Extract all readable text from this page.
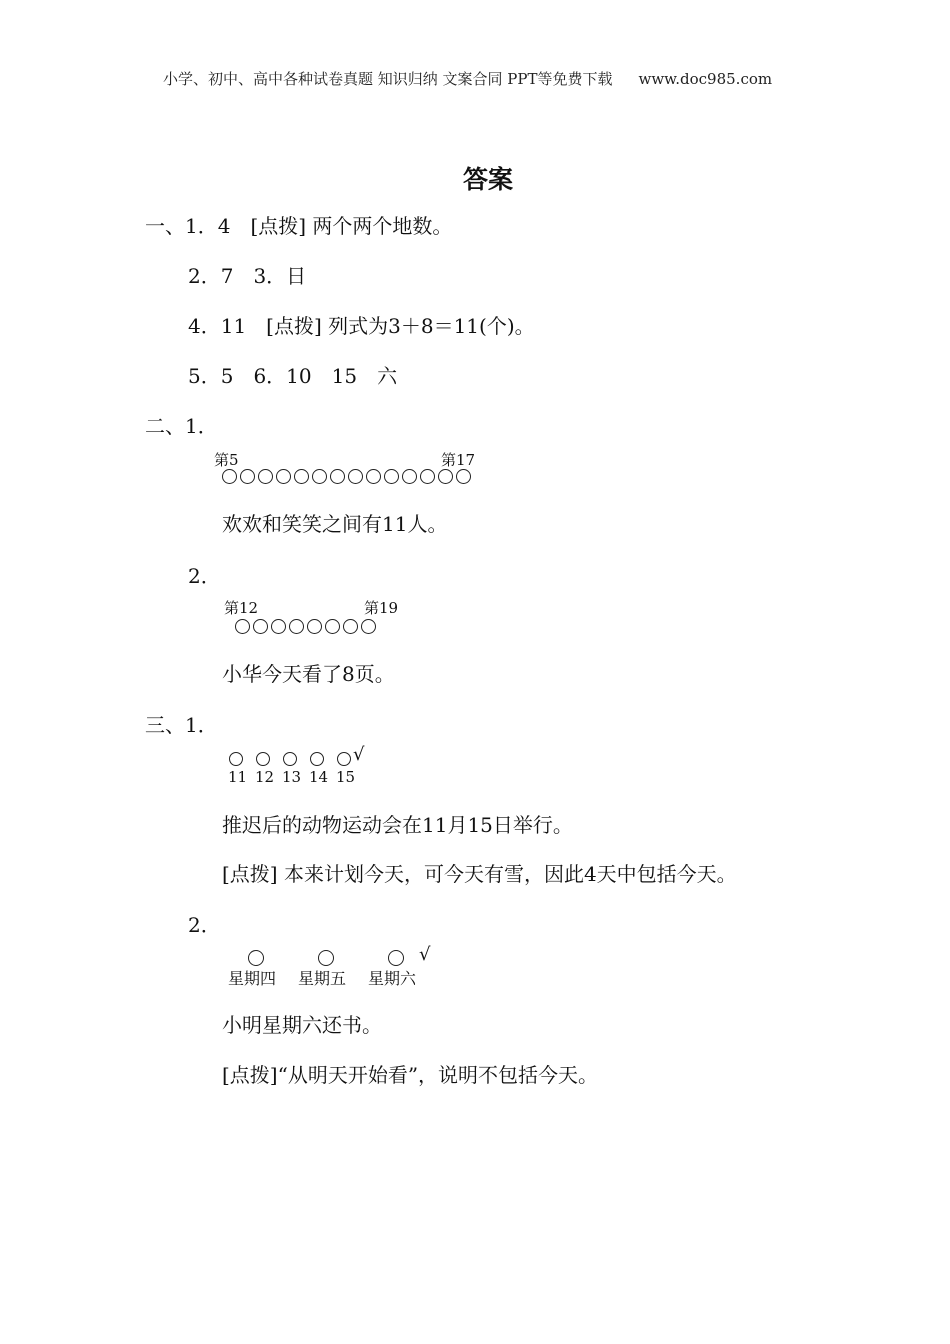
小学、初中、高中各种试卷真题 知识归纳 文案合同 PPT等免费下载 www.doc985.com
答案
一、1．4　[点拨] 两个两个地数。
2．7　3．日
4．11　[点拨] 列式为3＋8＝11(个)。
5．5　6．10　15　六
二、1．
第5	第17
欢欢和笑笑之间有11人。
2．
第12	第19
小华今天看了8页。
三、1．
√
11 12 13 14 15
推迟后的动物运动会在11月15日举行。
[点拨] 本来计划今天，可今天有雪，因此4天中包括今天。
2．
√
星期四 星期五 星期六
小明星期六还书。
[点拨]“从明天开始看”，说明不包括今天。
